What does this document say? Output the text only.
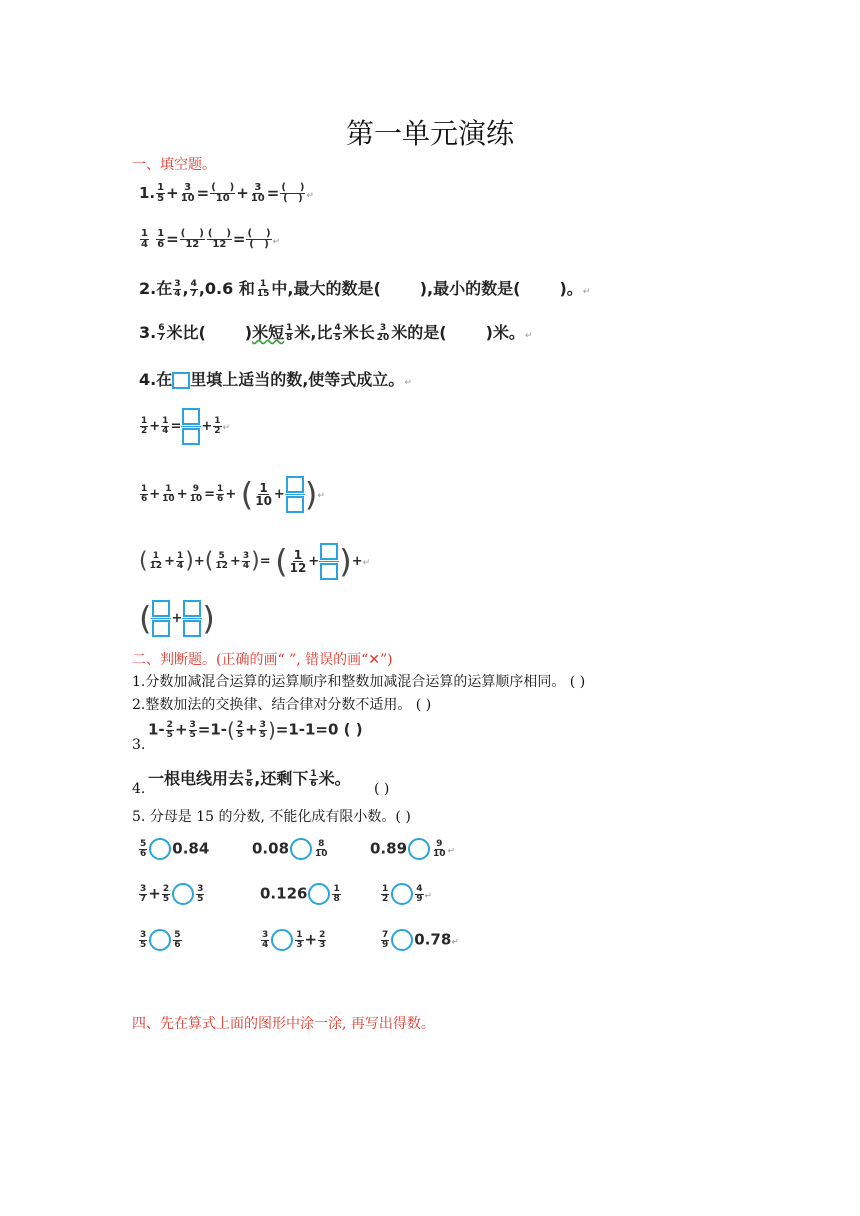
第一单元演练
一、填空题。
1. $\frac{1}{5} + \frac{3}{10} = \frac{( )}{10} + \frac{3}{10} = \frac{( )}{( )}$ ↵
$\frac{1}{4}$
$\frac{1}{6} = \frac{( )}{12} \frac{( )}{12} = \frac{( )}{( )}$ ↵
2.在 $\frac{3}{4}$ , $\frac{4}{7} ,0.6$ 和 $\frac{1}{15}$ 中,最大的数是(       ),最小的数是(       )。↵
3. $\frac{6}{7}$ 米比(       )米短 $\frac{1}{8}$ 米,比 $\frac{4}{5}$ 米长 $\frac{3}{20}$ 米的是(       )米。↵
4.在 里填上适当的数,使等式成立。↵
$\frac{1}{2} + \frac{1}{4}$ = + $\frac{1}{2}$ ↵
$\frac{1}{6} + \frac{1}{10} + \frac{9}{10} = \frac{1}{6}$ + ( $\frac{1}{10}$ + )↵
( $\frac{1}{12} + \frac{1}{4}$ )+( $\frac{5}{12} + \frac{3}{4}$ )= ( $\frac{1}{12}$ + )+↵
( + )
二、判断题。(正确的画“ ”, 错误的画“✕”)
1.分数加减混合运算的运算顺序和整数加减混合运算的运算顺序相同。 ( )
2.整数加法的交换律、结合律对分数不适用。 ( )
3.
$1- \frac{2}{5} + \frac{3}{5} =1-( \frac{2}{5} + \frac{3}{5} )=1-1=0$ ( )
4.
一根电线用去 $\frac{5}{6}$ ,还剩下 $\frac{1}{6}$ 米。
( )
5. 分母是 15 的分数, 不能化成有限小数。( )
$\frac{5}{6} 0.84$	0.08	$\frac{8}{10}$	0.89	$\frac{9}{10}$ ↵
$\frac{3}{7} + \frac{2}{5}$	$\frac{3}{5}$	0.126	$\frac{1}{8}$	$\frac{1}{2}$	$\frac{4}{9}$ ↵
$\frac{3}{5}$	$\frac{5}{6}$	$\frac{3}{4}$	$\frac{1}{3} + \frac{2}{3}$	$\frac{7}{9}$ 0.78↵
四、先在算式上面的图形中涂一涂, 再写出得数。
